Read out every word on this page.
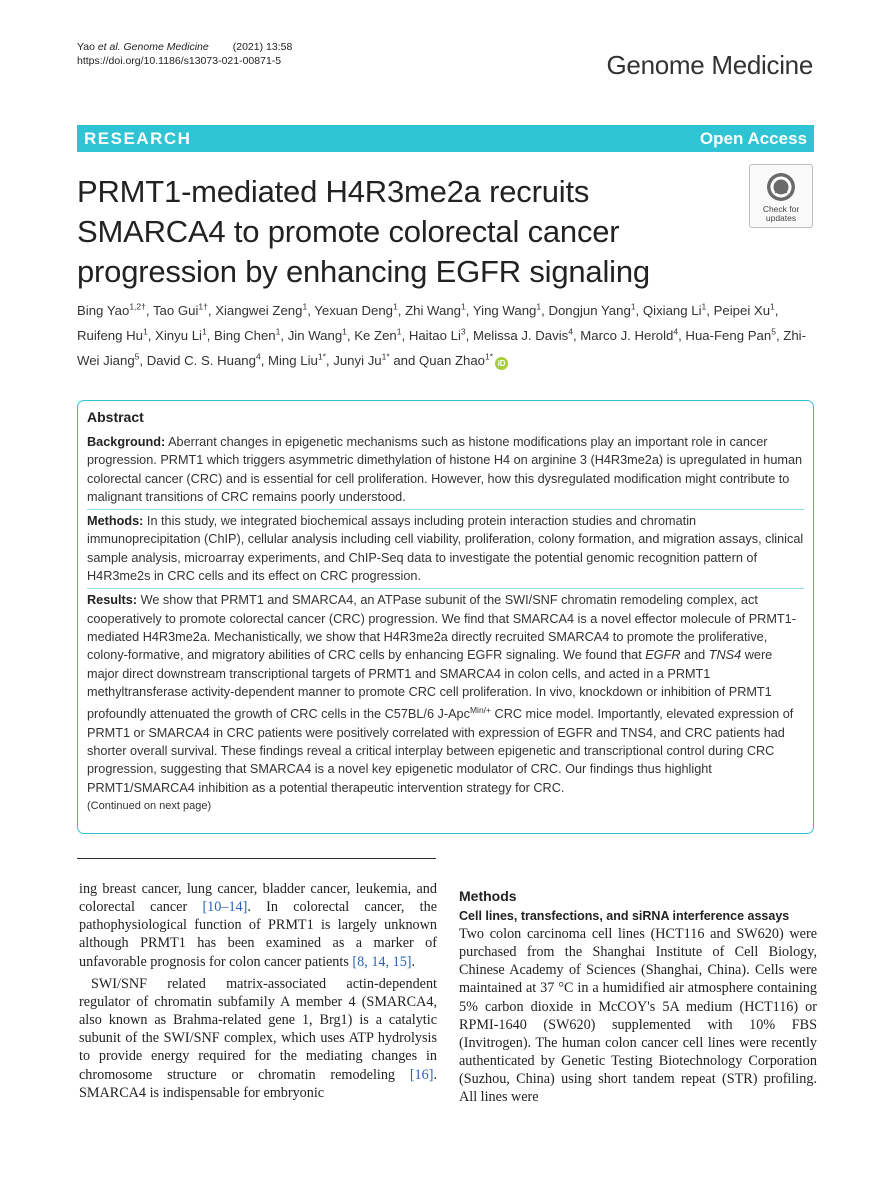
Yao et al. Genome Medicine (2021) 13:58
https://doi.org/10.1186/s13073-021-00871-5	Genome Medicine
RESEARCH	Open Access
PRMT1-mediated H4R3me2a recruits SMARCA4 to promote colorectal cancer progression by enhancing EGFR signaling
Check for
updates
Bing Yao$^{1,2\dagger}$, Tao Gui$^{1\dagger}$, Xiangwei Zeng$^1$, Yexuan Deng$^1$, Zhi Wang$^1$, Ying Wang$^1$, Dongjun Yang$^1$, Qixiang Li$^1$, Peipei Xu$^1$, Ruifeng Hu$^1$, Xinyu Li$^1$, Bing Chen$^1$, Jin Wang$^1$, Ke Zen$^1$, Haitao Li$^3$, Melissa J. Davis$^4$, Marco J. Herold$^4$, Hua-Feng Pan$^5$, Zhi-Wei Jiang$^5$, David C. S. Huang$^4$, Ming Liu$^{1*}$, Junyi $Ju^{1*}$ and Quan Zhao$^{1*}$iD
Abstract
Background: Aberrant changes in epigenetic mechanisms such as histone modifications play an important role in cancer progression. PRMT1 which triggers asymmetric dimethylation of histone H4 on arginine 3 (H4R3me2a) is upregulated in human colorectal cancer (CRC) and is essential for cell proliferation. However, how this dysregulated modification might contribute to malignant transitions of CRC remains poorly understood.
Methods: In this study, we integrated biochemical assays including protein interaction studies and chromatin immunoprecipitation (ChIP), cellular analysis including cell viability, proliferation, colony formation, and migration assays, clinical sample analysis, microarray experiments, and ChIP-Seq data to investigate the potential genomic recognition pattern of H4R3me2s in CRC cells and its effect on CRC progression.
Results: We show that PRMT1 and SMARCA4, an ATPase subunit of the SWI/SNF chromatin remodeling complex, act cooperatively to promote colorectal cancer (CRC) progression. We find that SMARCA4 is a novel effector molecule of PRMT1-mediated H4R3me2a. Mechanistically, we show that H4R3me2a directly recruited SMARCA4 to promote the proliferative, colony-formative, and migratory abilities of CRC cells by enhancing EGFR signaling. We found that EGFR and TNS4 were major direct downstream transcriptional targets of PRMT1 and SMARCA4 in colon cells, and acted in a PRMT1 methyltransferase activity-dependent manner to promote CRC cell proliferation. In vivo, knockdown or inhibition of PRMT1 profoundly attenuated the growth of CRC cells in the C57BL/6 J-Apc$^{Min/+}$ CRC mice model. Importantly, elevated expression of PRMT1 or SMARCA4 in CRC patients were positively correlated with expression of EGFR and TNS4, and CRC patients had shorter overall survival. These findings reveal a critical interplay between epigenetic and transcriptional control during CRC progression, suggesting that SMARCA4 is a novel key epigenetic modulator of CRC. Our findings thus highlight PRMT1/SMARCA4 inhibition as a potential therapeutic intervention strategy for CRC.
(Continued on next page)

ing breast cancer, lung cancer, bladder cancer, leukemia, and colorectal cancer [10–14]. In colorectal cancer, the pathophysiological function of PRMT1 is largely unknown although PRMT1 has been examined as a marker of unfavorable prognosis for colon cancer patients [8, 14, 15].

SWI/SNF related matrix-associated actin-dependent regulator of chromatin subfamily A member 4 (SMARCA4, also known as Brahma-related gene 1, Brg1) is a catalytic subunit of the SWI/SNF complex, which uses ATP hydrolysis to provide energy required for the mediating changes in chromosome structure or chromatin remodeling [16]. SMARCA4 is indispensable for embryonic

Methods
Cell lines, transfections, and siRNA interference assays

Two colon carcinoma cell lines (HCT116 and SW620) were purchased from the Shanghai Institute of Cell Biology, Chinese Academy of Sciences (Shanghai, China). Cells were maintained at 37 °C in a humidified air atmosphere containing 5% carbon dioxide in McCOY's 5A medium (HCT116) or RPMI-1640 (SW620) supplemented with 10% FBS (Invitrogen). The human colon cancer cell lines were recently authenticated by Genetic Testing Biotechnology Corporation (Suzhou, China) using short tandem repeat (STR) profiling. All lines were
